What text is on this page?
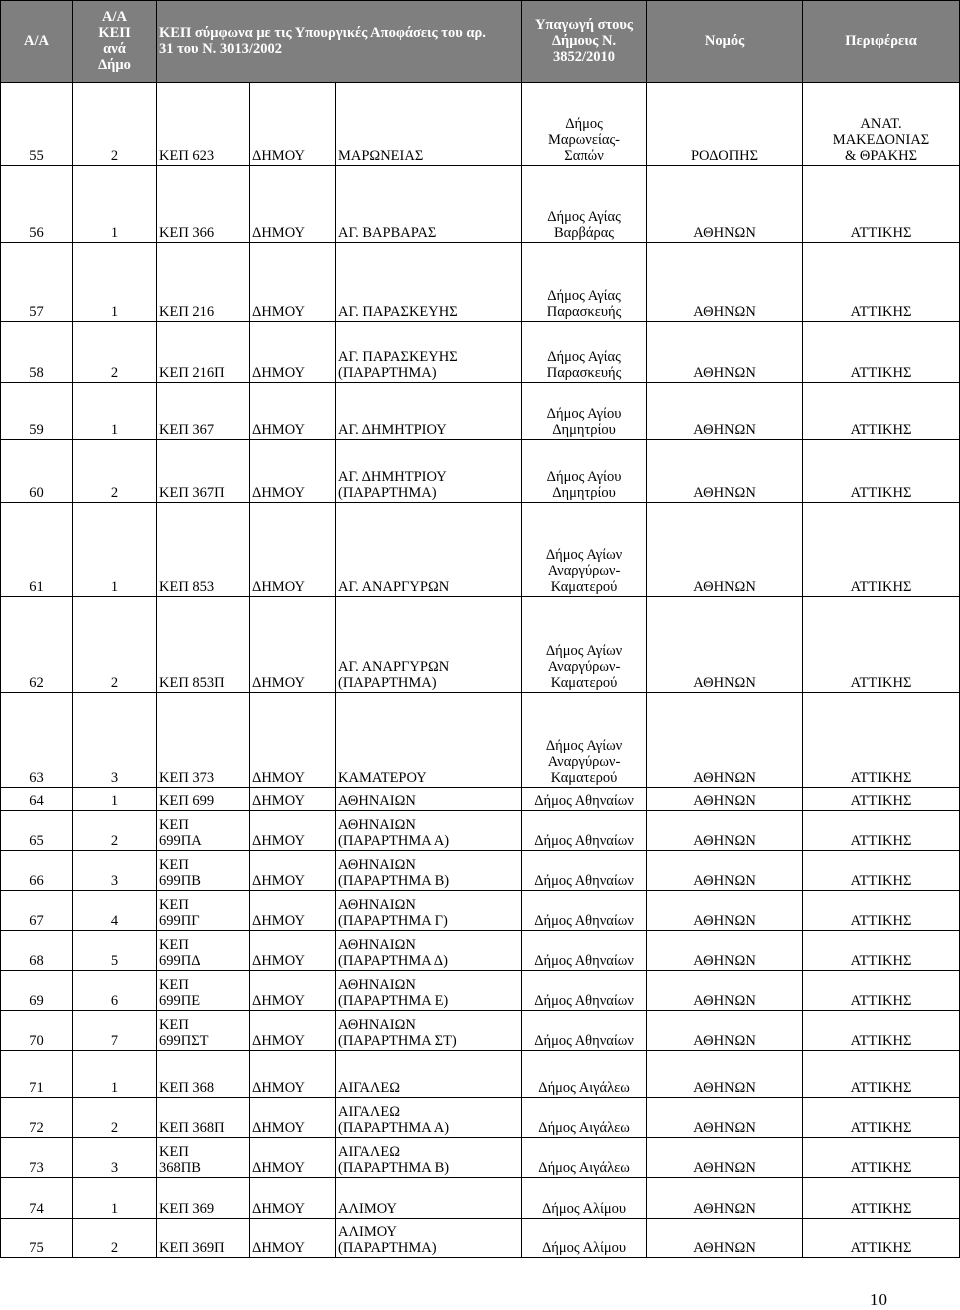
Α/Α	Α/Α
ΚΕΠ
ανά
Δήμο	ΚΕΠ σύμφωνα με τις Υπουργικές Αποφάσεις του αρ.
31 του Ν. 3013/2002			Υπαγωγή στους
Δήμους Ν.
3852/2010	Νομός	Περιφέρεια

55	2	ΚΕΠ 623	ΔΗΜΟΥ	ΜΑΡΩΝΕΙΑΣ	Δήμος
Μαρωνείας-
Σαπών	ΡΟΔΟΠΗΣ	ΑΝΑΤ.
ΜΑΚΕΔΟΝΙΑΣ
& ΘΡΑΚΗΣ

56	1	ΚΕΠ 366	ΔΗΜΟΥ	ΑΓ. ΒΑΡΒΑΡΑΣ	Δήμος Αγίας
Βαρβάρας	ΑΘΗΝΩΝ	ΑΤΤΙΚΗΣ

57	1	ΚΕΠ 216	ΔΗΜΟΥ	ΑΓ. ΠΑΡΑΣΚΕΥΗΣ	Δήμος Αγίας
Παρασκευής	ΑΘΗΝΩΝ	ΑΤΤΙΚΗΣ

58	2	ΚΕΠ 216Π	ΔΗΜΟΥ	ΑΓ. ΠΑΡΑΣΚΕΥΗΣ
(ΠΑΡΑΡΤΗΜΑ)	Δήμος Αγίας
Παρασκευής	ΑΘΗΝΩΝ	ΑΤΤΙΚΗΣ

59	1	ΚΕΠ 367	ΔΗΜΟΥ	ΑΓ. ΔΗΜΗΤΡΙΟΥ	Δήμος Αγίου
Δημητρίου	ΑΘΗΝΩΝ	ΑΤΤΙΚΗΣ

60	2	ΚΕΠ 367Π	ΔΗΜΟΥ	ΑΓ. ΔΗΜΗΤΡΙΟΥ
(ΠΑΡΑΡΤΗΜΑ)	Δήμος Αγίου
Δημητρίου	ΑΘΗΝΩΝ	ΑΤΤΙΚΗΣ

61	1	ΚΕΠ 853	ΔΗΜΟΥ	ΑΓ. ΑΝΑΡΓΥΡΩΝ	Δήμος Αγίων
Αναργύρων-
Καματερού	ΑΘΗΝΩΝ	ΑΤΤΙΚΗΣ

62	2	ΚΕΠ 853Π	ΔΗΜΟΥ	ΑΓ. ΑΝΑΡΓΥΡΩΝ
(ΠΑΡΑΡΤΗΜΑ)	Δήμος Αγίων
Αναργύρων-
Καματερού	ΑΘΗΝΩΝ	ΑΤΤΙΚΗΣ

63	3	ΚΕΠ 373	ΔΗΜΟΥ	ΚΑΜΑΤΕΡΟΥ	Δήμος Αγίων
Αναργύρων-
Καματερού	ΑΘΗΝΩΝ	ΑΤΤΙΚΗΣ

64	1	ΚΕΠ 699	ΔΗΜΟΥ	ΑΘΗΝΑΙΩΝ	Δήμος Αθηναίων	ΑΘΗΝΩΝ	ΑΤΤΙΚΗΣ

65	2	ΚΕΠ
699ΠΑ	ΔΗΜΟΥ	ΑΘΗΝΑΙΩΝ
(ΠΑΡΑΡΤΗΜΑ Α)	Δήμος Αθηναίων	ΑΘΗΝΩΝ	ΑΤΤΙΚΗΣ

66	3	ΚΕΠ
699ΠΒ	ΔΗΜΟΥ	ΑΘΗΝΑΙΩΝ
(ΠΑΡΑΡΤΗΜΑ Β)	Δήμος Αθηναίων	ΑΘΗΝΩΝ	ΑΤΤΙΚΗΣ

67	4	ΚΕΠ
699ΠΓ	ΔΗΜΟΥ	ΑΘΗΝΑΙΩΝ
(ΠΑΡΑΡΤΗΜΑ Γ)	Δήμος Αθηναίων	ΑΘΗΝΩΝ	ΑΤΤΙΚΗΣ

68	5	ΚΕΠ
699ΠΔ	ΔΗΜΟΥ	ΑΘΗΝΑΙΩΝ
(ΠΑΡΑΡΤΗΜΑ Δ)	Δήμος Αθηναίων	ΑΘΗΝΩΝ	ΑΤΤΙΚΗΣ

69	6	ΚΕΠ
699ΠΕ	ΔΗΜΟΥ	ΑΘΗΝΑΙΩΝ
(ΠΑΡΑΡΤΗΜΑ Ε)	Δήμος Αθηναίων	ΑΘΗΝΩΝ	ΑΤΤΙΚΗΣ

70	7	ΚΕΠ
699ΠΣΤ	ΔΗΜΟΥ	ΑΘΗΝΑΙΩΝ
(ΠΑΡΑΡΤΗΜΑ ΣΤ)	Δήμος Αθηναίων	ΑΘΗΝΩΝ	ΑΤΤΙΚΗΣ

71	1	ΚΕΠ 368	ΔΗΜΟΥ	ΑΙΓΑΛΕΩ	Δήμος Αιγάλεω	ΑΘΗΝΩΝ	ΑΤΤΙΚΗΣ

72	2	ΚΕΠ 368Π	ΔΗΜΟΥ	ΑΙΓΑΛΕΩ
(ΠΑΡΑΡΤΗΜΑ Α)	Δήμος Αιγάλεω	ΑΘΗΝΩΝ	ΑΤΤΙΚΗΣ

73	3	ΚΕΠ
368ΠΒ	ΔΗΜΟΥ	ΑΙΓΑΛΕΩ
(ΠΑΡΑΡΤΗΜΑ Β)	Δήμος Αιγάλεω	ΑΘΗΝΩΝ	ΑΤΤΙΚΗΣ

74	1	ΚΕΠ 369	ΔΗΜΟΥ	ΑΛΙΜΟΥ	Δήμος Αλίμου	ΑΘΗΝΩΝ	ΑΤΤΙΚΗΣ

75	2	ΚΕΠ 369Π	ΔΗΜΟΥ	ΑΛΙΜΟΥ
(ΠΑΡΑΡΤΗΜΑ)	Δήμος Αλίμου	ΑΘΗΝΩΝ	ΑΤΤΙΚΗΣ
10
